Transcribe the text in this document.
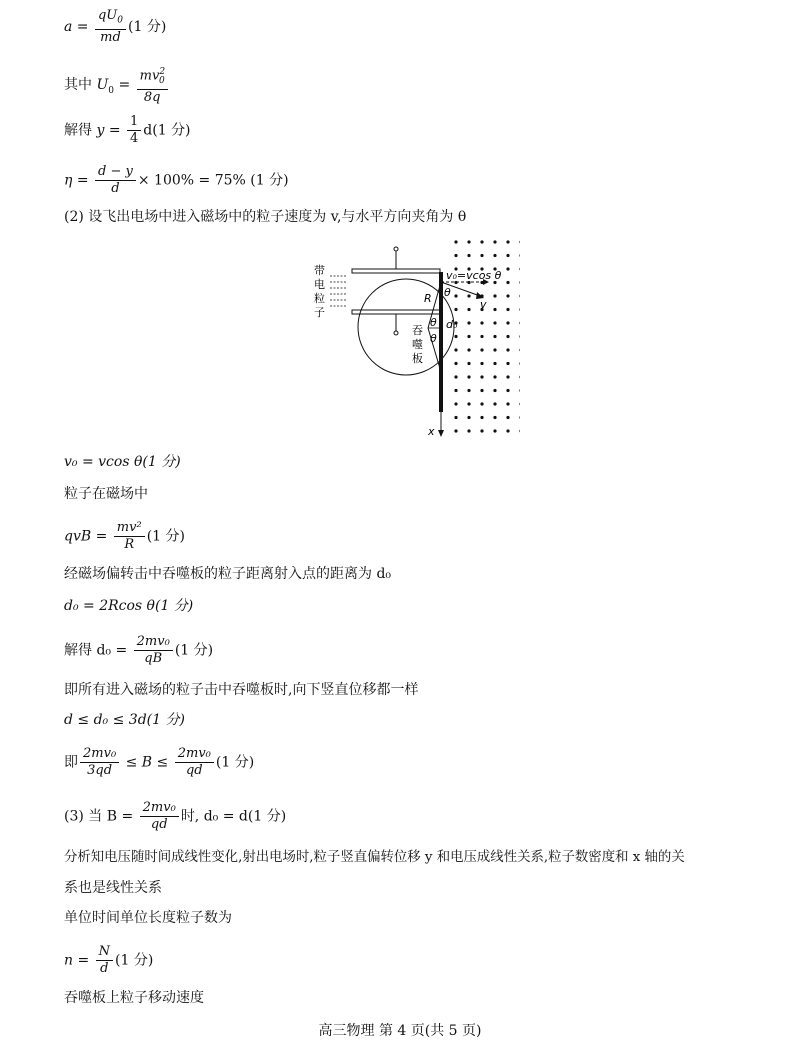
$a = \frac{qU_0}{md} (1$ 分)
其中 $U_0 = \frac{mv^2_0}{8q}$
解得 $y = \frac{1}{4} d(1$ 分)
$\eta = \frac{d - y}{d} \times 100\% = 75\%$ (1 分)
(2) 设飞出电场中进入磁场中的粒子速度为 v,与水平方向夹角为 θ
带
电
粒
子
吞
噬
板
v₀=vcos θ
v
R θ
θ
θ
d₀
x
v₀ = vcos θ(1 分)
粒子在磁场中
qvB = $\frac{\text{mv²}}{R} (1$ 分)
经磁场偏转击中吞噬板的粒子距离射入点的距离为 d₀
d₀ = 2Rcos θ(1 分)
解得 $d_0 = \frac{\text{2mv₀}}{qB} (1$ 分)
即所有进入磁场的粒子击中吞噬板时,向下竖直位移都一样
d ≤ d₀ ≤ 3d(1 分)
即 $\frac{\text{2mv₀}}{3qd} \le B \le \frac{\text{2mv₀}}{qd} (1$ 分)
(3) 当 $B = \frac{\text{2mv₀}}{qd}$ 时, d₀ = d(1 分)
分析知电压随时间成线性变化,射出电场时,粒子竖直偏转位移 y 和电压成线性关系,粒子数密度和 x 轴的关
系也是线性关系
单位时间单位长度粒子数为
$n = \frac{N}{d} (1$ 分)
吞噬板上粒子移动速度
高三物理 第 4 页(共 5 页)
